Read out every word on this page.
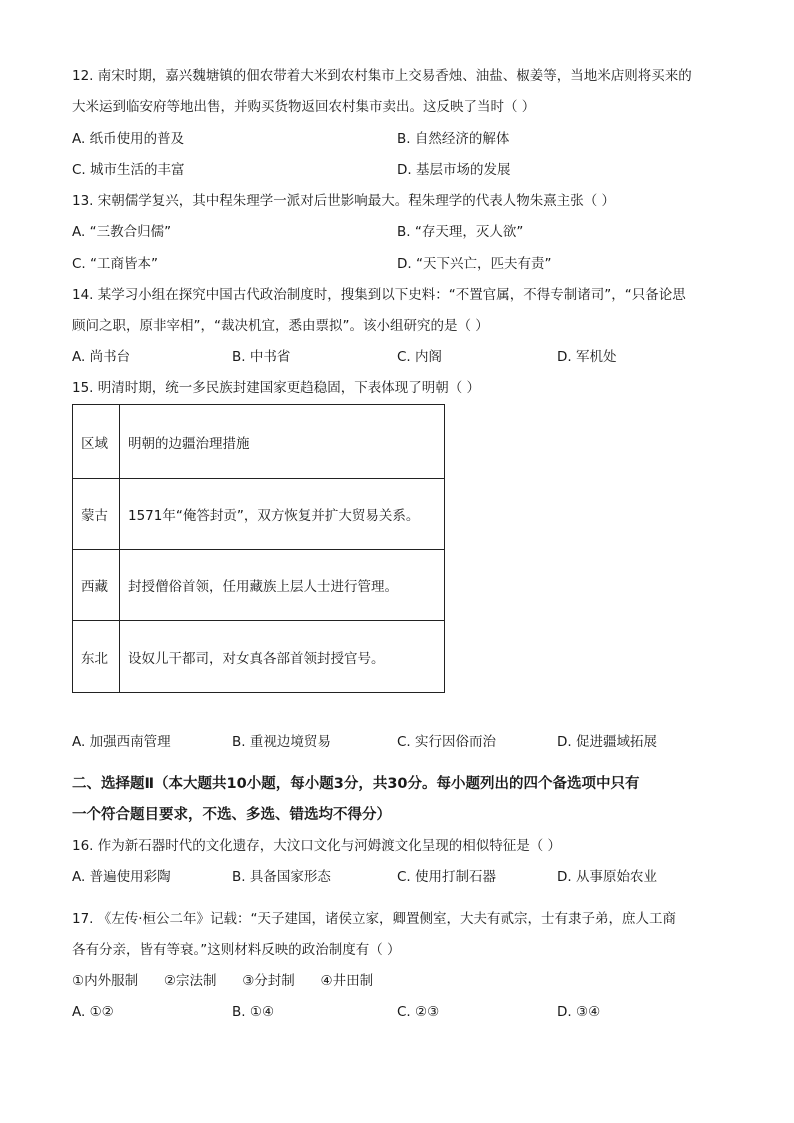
12. 南宋时期，嘉兴魏塘镇的佃农带着大米到农村集市上交易香烛、油盐、椒姜等，当地米店则将买来的
大米运到临安府等地出售，并购买货物返回农村集市卖出。这反映了当时（ ）
A. 纸币使用的普及	B. 自然经济的解体
C. 城市生活的丰富	D. 基层市场的发展
13. 宋朝儒学复兴，其中程朱理学一派对后世影响最大。程朱理学的代表人物朱熹主张（ ）
A. “三教合归儒”	B. “存天理，灭人欲”
C. “工商皆本”	D. “天下兴亡，匹夫有责”
14. 某学习小组在探究中国古代政治制度时，搜集到以下史料：“不置官属，不得专制诸司”，“只备论思
顾问之职，原非宰相”，“裁决机宜，悉由票拟”。该小组研究的是（ ）
A. 尚书台	B. 中书省	C. 内阁	D. 军机处
15. 明清时期，统一多民族封建国家更趋稳固，下表体现了明朝（ ）
区域	明朝的边疆治理措施
蒙古	1571年“俺答封贡”，双方恢复并扩大贸易关系。
西藏	封授僧俗首领，任用藏族上层人士进行管理。
东北	设奴儿干都司，对女真各部首领封授官号。
A. 加强西南管理	B. 重视边境贸易	C. 实行因俗而治	D. 促进疆域拓展
二、选择题Ⅱ（本大题共10小题，每小题3分，共30分。每小题列出的四个备选项中只有
一个符合题目要求，不选、多选、错选均不得分）
16. 作为新石器时代的文化遗存，大汶口文化与河姆渡文化呈现的相似特征是（ ）
A. 普遍使用彩陶	B. 具备国家形态	C. 使用打制石器	D. 从事原始农业
17. 《左传·桓公二年》记载：“天子建国，诸侯立家，卿置侧室，大夫有贰宗，士有隶子弟，庶人工商
各有分亲，皆有等衰。”这则材料反映的政治制度有（ ）
①内外服制      ②宗法制      ③分封制      ④井田制
A. ①②	B. ①④	C. ②③	D. ③④
